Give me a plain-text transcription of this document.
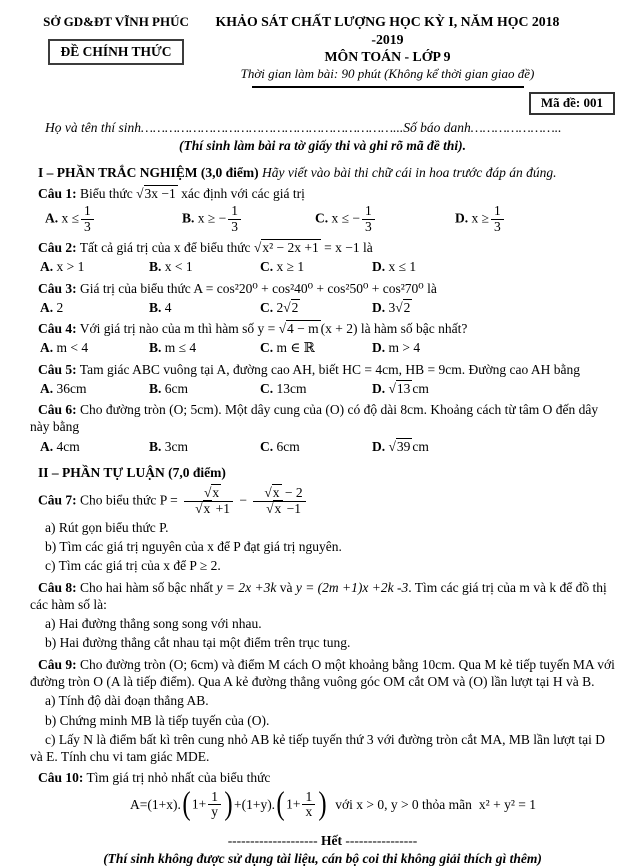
SỞ GD&ĐT VĨNH PHÚC
ĐỀ CHÍNH THỨC
KHẢO SÁT CHẤT LƯỢNG HỌC KỲ I, NĂM HỌC 2018 -2019
MÔN TOÁN - LỚP 9
Thời gian làm bài: 90 phút (Không kể thời gian giao đề)
Mã đề: 001
Họ và tên thí sinh………………………………………………………...Số báo danh…………………..
(Thí sinh làm bài ra tờ giấy thi và ghi rõ mã đề thi).
I – PHẦN TRẮC NGHIỆM (3,0 điểm) Hãy viết vào bài thi chữ cái in hoa trước đáp án đúng.
Câu 1: Biểu thức √ 3x −1 xác định với các giá trị
A. $x \le \frac{1}{3}$	B. x ≥ − $\frac{1}{3}$	C. x ≤ − $\frac{1}{3}$	D. $x \ge \frac{1}{3}$
Câu 2: Tất cả giá trị của x để biểu thức √ x² − 2x +1 = x −1 là
A. x > 1	B. x < 1	C. x ≥ 1	D. x ≤ 1
Câu 3: Giá trị của biểu thức A = cos²20⁰ + cos²40⁰ + cos²50⁰ + cos²70⁰ là
A. 2	B. 4	C. 2 √ 2	D. 3 √ 2
Câu 4: Với giá trị nào của m thì hàm số y = √ 4 − m (x + 2) là hàm số bậc nhất?
A. m < 4	B. m ≤ 4	C. m ∈ ℝ	D. m > 4
Câu 5: Tam giác ABC vuông tại A, đường cao AH, biết HC = 4cm, HB = 9cm. Đường cao AH bằng
A. 36cm	B. 6cm	C. 13cm	D. √ 13 cm
Câu 6: Cho đường tròn (O; 5cm). Một dây cung của (O) có độ dài 8cm. Khoảng cách từ tâm O đến dây này bằng
A. 4cm	B. 3cm	C. 6cm	D. √ 39 cm
II – PHẦN TỰ LUẬN (7,0 điểm)
Câu 7: Cho biểu thức P = √ x
√ x +1 − √ x − 2
√ x −1
a) Rút gọn biểu thức P.
b) Tìm các giá trị nguyên của x để P đạt giá trị nguyên.
c) Tìm các giá trị của x để P ≥ 2.
Câu 8: Cho hai hàm số bậc nhất y = 2x +3k và y = (2m +1)x +2k -3. Tìm các giá trị của m và k để đồ thị các hàm số là:
a) Hai đường thẳng song song với nhau.
b) Hai đường thẳng cắt nhau tại một điểm trên trục tung.
Câu 9: Cho đường tròn (O; 6cm) và điểm M cách O một khoảng bằng 10cm. Qua M kẻ tiếp tuyến MA với đường tròn O (A là tiếp điểm). Qua A kẻ đường thẳng vuông góc OM cắt OM và (O) lần lượt tại H và B.
a) Tính độ dài đoạn thẳng AB.
b) Chứng minh MB là tiếp tuyến của (O).
c) Lấy N là điểm bất kì trên cung nhỏ AB kẻ tiếp tuyến thứ 3 với đường tròn cắt MA, MB lần lượt tại D và E. Tính chu vi tam giác MDE.
Câu 10: Tìm giá trị nhỏ nhất của biểu thức
A=(1+x).
( $1+ \frac{1}{y}$ ) +(1+y).
( $1+ \frac{1}{x}$ ) với x > 0, y > 0 thỏa mãn x² + y² = 1
-------------------- Hết ----------------
(Thí sinh không được sử dụng tài liệu, cán bộ coi thi không giải thích gì thêm)
